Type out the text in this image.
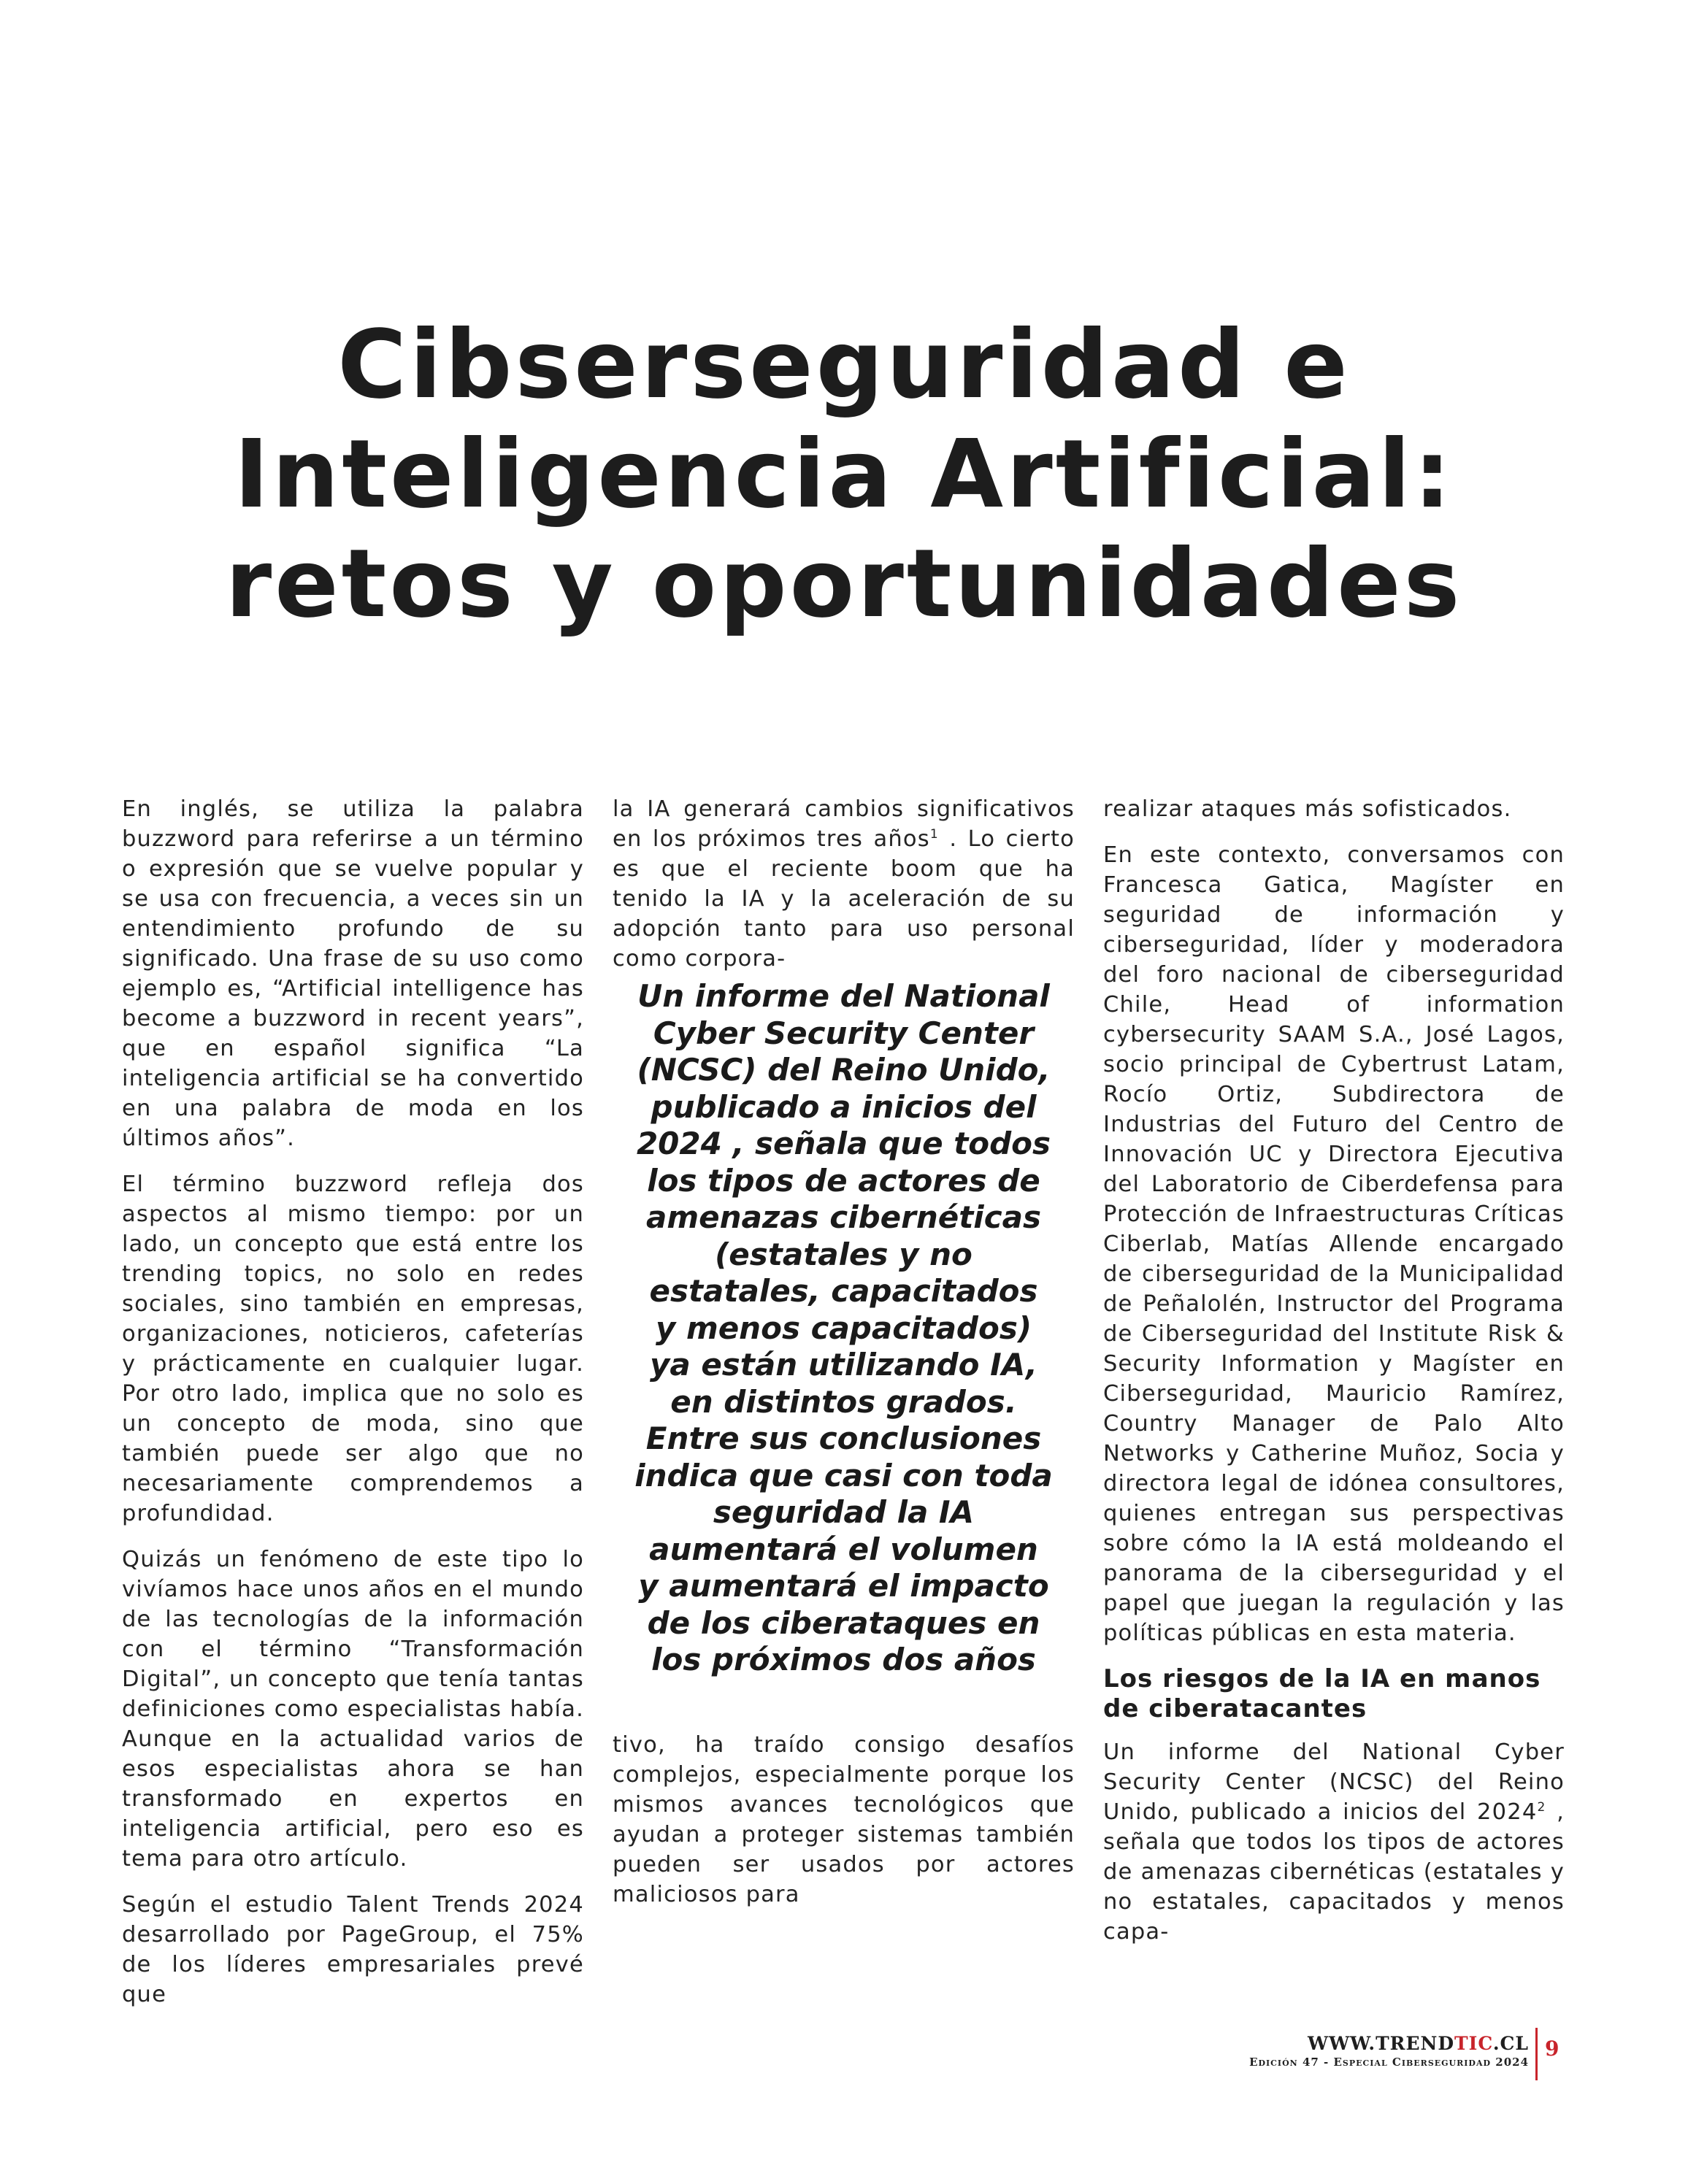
Cibserseguridad e
Inteligencia Artificial:
retos y oportunidades

En inglés, se utiliza la palabra buzzword para referirse a un término o expresión que se vuelve popular y se usa con frecuencia, a veces sin un entendimiento profundo de su significado. Una frase de su uso como ejemplo es, “Artificial intelligence has become a buzzword in recent years”, que en español significa “La inteligencia artificial se ha convertido en una palabra de moda en los últimos años”.

El término buzzword refleja dos aspectos al mismo tiempo: por un lado, un concepto que está entre los trending topics, no solo en redes sociales, sino también en empresas, organizaciones, noticieros, cafeterías y prácticamente en cualquier lugar. Por otro lado, implica que no solo es un concepto de moda, sino que también puede ser algo que no necesariamente comprendemos a profundidad.

Quizás un fenómeno de este tipo lo vivíamos hace unos años en el mundo de las tecnologías de la información con el término “Transformación Digital”, un concepto que tenía tantas definiciones como especialistas había. Aunque en la actualidad varios de esos especialistas ahora se han transformado en expertos en inteligencia artificial, pero eso es tema para otro artículo.

Según el estudio Talent Trends 2024 desarrollado por PageGroup, el 75% de los líderes empresariales prevé que

la IA generará cambios significativos en los próximos tres años$^1$ . Lo cierto es que el reciente boom que ha tenido la IA y la aceleración de su adopción tanto para uso personal como corpora-

Un informe del National
Cyber Security Center
(NCSC) del Reino Unido,
publicado a inicios del
2024 , señala que todos
los tipos de actores de
amenazas cibernéticas
(estatales y no
estatales, capacitados
y menos capacitados)
ya están utilizando IA,
en distintos grados.
Entre sus conclusiones
indica que casi con toda
seguridad la IA
aumentará el volumen
y aumentará el impacto
de los ciberataques en
los próximos dos años

tivo, ha traído consigo desafíos complejos, especialmente porque los mismos avances tecnológicos que ayudan a proteger sistemas también pueden ser usados por actores maliciosos para

realizar ataques más sofisticados.

En este contexto, conversamos con Francesca Gatica, Magíster en seguridad de información y ciberseguridad, líder y moderadora del foro nacional de ciberseguridad Chile, Head of information cybersecurity SAAM S.A., José Lagos, socio principal de Cybertrust Latam, Rocío Ortiz, Subdirectora de Industrias del Futuro del Centro de Innovación UC y Directora Ejecutiva del Laboratorio de Ciberdefensa para Protección de Infraestructuras Críticas Ciberlab, Matías Allende encargado de ciberseguridad de la Municipalidad de Peñalolén, Instructor del Programa de Ciberseguridad del Institute Risk & Security Information y Magíster en Ciberseguridad, Mauricio Ramírez, Country Manager de Palo Alto Networks y Catherine Muñoz, Socia y directora legal de idónea consultores, quienes entregan sus perspectivas sobre cómo la IA está moldeando el panorama de la ciberseguridad y el papel que juegan la regulación y las políticas públicas en esta materia.

Los riesgos de la IA en manos de ciberatacantes

Un informe del National Cyber Security Center (NCSC) del Reino Unido, publicado a inicios del 2024$^2$ , señala que todos los tipos de actores de amenazas cibernéticas (estatales y no estatales, capacitados y menos capa-

WWW.TRENDTIC.CL
Edición 47 - Especial Ciberseguridad 2024
9
